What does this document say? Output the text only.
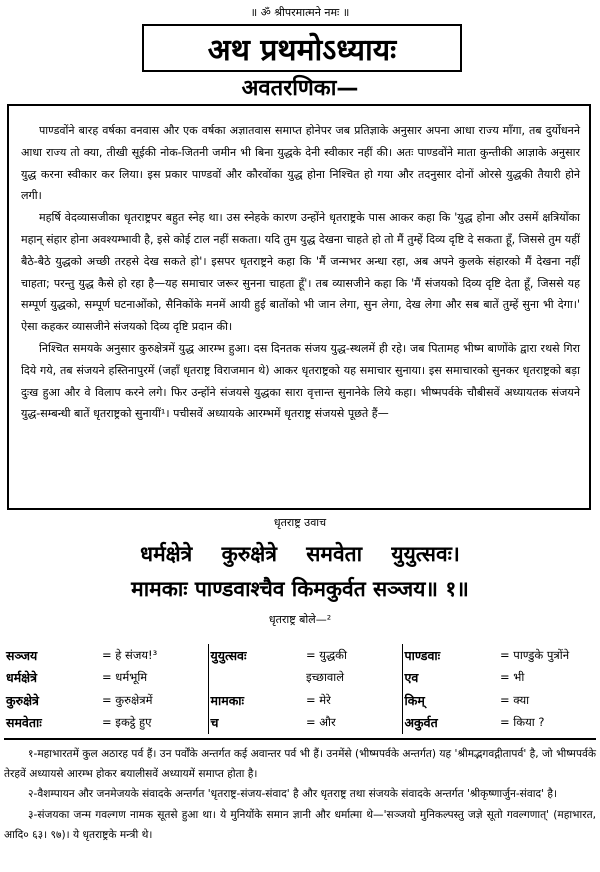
॥ ॐ श्रीपरमात्मने नमः ॥
अथ प्रथमोऽध्यायः
अवतरणिका—

पाण्डवोंने बारह वर्षका वनवास और एक वर्षका अज्ञातवास समाप्त होनेपर जब प्रतिज्ञाके अनुसार अपना आधा राज्य माँगा, तब दुर्योधनने आधा राज्य तो क्या, तीखी सूईकी नोक-जितनी जमीन भी बिना युद्धके देनी स्वीकार नहीं की। अतः पाण्डवोंने माता कुन्तीकी आज्ञाके अनुसार युद्ध करना स्वीकार कर लिया। इस प्रकार पाण्डवों और कौरवोंका युद्ध होना निश्चित हो गया और तदनुसार दोनों ओरसे युद्धकी तैयारी होने लगी।

महर्षि वेदव्यासजीका धृतराष्ट्रपर बहुत स्नेह था। उस स्नेहके कारण उन्होंने धृतराष्ट्रके पास आकर कहा कि 'युद्ध होना और उसमें क्षत्रियोंका महान् संहार होना अवश्यम्भावी है, इसे कोई टाल नहीं सकता। यदि तुम युद्ध देखना चाहते हो तो मैं तुम्हें दिव्य दृष्टि दे सकता हूँ, जिससे तुम यहीं बैठे-बैठे युद्धको अच्छी तरहसे देख सकते हो'। इसपर धृतराष्ट्रने कहा कि 'मैं जन्मभर अन्धा रहा, अब अपने कुलके संहारको मैं देखना नहीं चाहता; परन्तु युद्ध कैसे हो रहा है—यह समाचार जरूर सुनना चाहता हूँ'। तब व्यासजीने कहा कि 'मैं संजयको दिव्य दृष्टि देता हूँ, जिससे यह सम्पूर्ण युद्धको, सम्पूर्ण घटनाओंको, सैनिकोंके मनमें आयी हुई बातोंको भी जान लेगा, सुन लेगा, देख लेगा और सब बातें तुम्हें सुना भी देगा।' ऐसा कहकर व्यासजीने संजयको दिव्य दृष्टि प्रदान की।

निश्चित समयके अनुसार कुरुक्षेत्रमें युद्ध आरम्भ हुआ। दस दिनतक संजय युद्ध-स्थलमें ही रहे। जब पितामह भीष्म बाणोंके द्वारा रथसे गिरा दिये गये, तब संजयने हस्तिनापुरमें (जहाँ धृतराष्ट्र विराजमान थे) आकर धृतराष्ट्रको यह समाचार सुनाया। इस समाचारको सुनकर धृतराष्ट्रको बड़ा दुःख हुआ और वे विलाप करने लगे। फिर उन्होंने संजयसे युद्धका सारा वृत्तान्त सुनानेके लिये कहा। भीष्मपर्वके चौबीसवें अध्यायतक संजयने युद्ध-सम्बन्धी बातें धृतराष्ट्रको सुनायीं¹। पचीसवें अध्यायके आरम्भमें धृतराष्ट्र संजयसे पूछते हैं—

धृतराष्ट्र उवाच
धर्मक्षेत्रे कुरुक्षेत्रे समवेता युयुत्सवः।
मामकाः पाण्डवाश्चैव किमकुर्वत सञ्जय॥ १॥
धृतराष्ट्र बोले—²
सञ्जय	= हे संजय!³	युयुत्सवः	= युद्धकी	पाण्डवाः	= पाण्डुके पुत्रोंने
धर्मक्षेत्रे	= धर्मभूमि		इच्छावाले	एव	= भी
कुरुक्षेत्रे	= कुरुक्षेत्रमें	मामकाः	= मेरे	किम्	= क्या
समवेताः	= इकट्ठे हुए	च	= और	अकुर्वत	= किया ?

१-महाभारतमें कुल अठारह पर्व हैं। उन पर्वोंके अन्तर्गत कई अवान्तर पर्व भी हैं। उनमेंसे (भीष्मपर्वके अन्तर्गत) यह 'श्रीमद्भगवद्गीतापर्व' है, जो भीष्मपर्वके तेरहवें अध्यायसे आरम्भ होकर बयालीसवें अध्यायमें समाप्त होता है।

२-वैशम्पायन और जनमेजयके संवादके अन्तर्गत 'धृतराष्ट्र-संजय-संवाद' है और धृतराष्ट्र तथा संजयके संवादके अन्तर्गत 'श्रीकृष्णार्जुन-संवाद' है।

३-संजयका जन्म गवल्गण नामक सूतसे हुआ था। ये मुनियोंके समान ज्ञानी और धर्मात्मा थे—'सञ्जयो मुनिकल्पस्तु जज्ञे सूतो गवल्गणात्' (महाभारत, आदि० ६३। ९७)। ये धृतराष्ट्रके मन्त्री थे।
